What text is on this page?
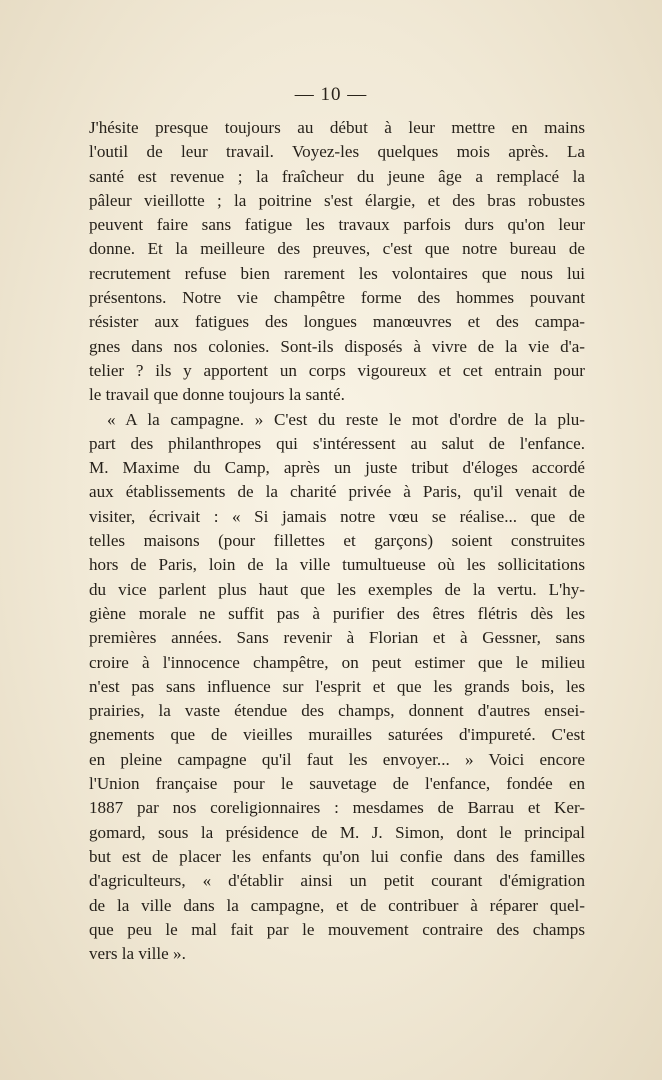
— 10 —
J'hésite presque toujours au début à leur mettre en mains
l'outil de leur travail. Voyez-les quelques mois après. La
santé est revenue ; la fraîcheur du jeune âge a remplacé la
pâleur vieillotte ; la poitrine s'est élargie, et des bras robustes
peuvent faire sans fatigue les travaux parfois durs qu'on leur
donne. Et la meilleure des preuves, c'est que notre bureau de
recrutement refuse bien rarement les volontaires que nous lui
présentons. Notre vie champêtre forme des hommes pouvant
résister aux fatigues des longues manœuvres et des campa-
gnes dans nos colonies. Sont-ils disposés à vivre de la vie d'a-
telier ? ils y apportent un corps vigoureux et cet entrain pour
le travail que donne toujours la santé.
« A la campagne. » C'est du reste le mot d'ordre de la plu-
part des philanthropes qui s'intéressent au salut de l'enfance.
M. Maxime du Camp, après un juste tribut d'éloges accordé
aux établissements de la charité privée à Paris, qu'il venait de
visiter, écrivait : « Si jamais notre vœu se réalise... que de
telles maisons (pour fillettes et garçons) soient construites
hors de Paris, loin de la ville tumultueuse où les sollicitations
du vice parlent plus haut que les exemples de la vertu. L'hy-
giène morale ne suffit pas à purifier des êtres flétris dès les
premières années. Sans revenir à Florian et à Gessner, sans
croire à l'innocence champêtre, on peut estimer que le milieu
n'est pas sans influence sur l'esprit et que les grands bois, les
prairies, la vaste étendue des champs, donnent d'autres ensei-
gnements que de vieilles murailles saturées d'impureté. C'est
en pleine campagne qu'il faut les envoyer... » Voici encore
l'Union française pour le sauvetage de l'enfance, fondée en
1887 par nos coreligionnaires : mesdames de Barrau et Ker-
gomard, sous la présidence de M. J. Simon, dont le principal
but est de placer les enfants qu'on lui confie dans des familles
d'agriculteurs, « d'établir ainsi un petit courant d'émigration
de la ville dans la campagne, et de contribuer à réparer quel-
que peu le mal fait par le mouvement contraire des champs
vers la ville ».
